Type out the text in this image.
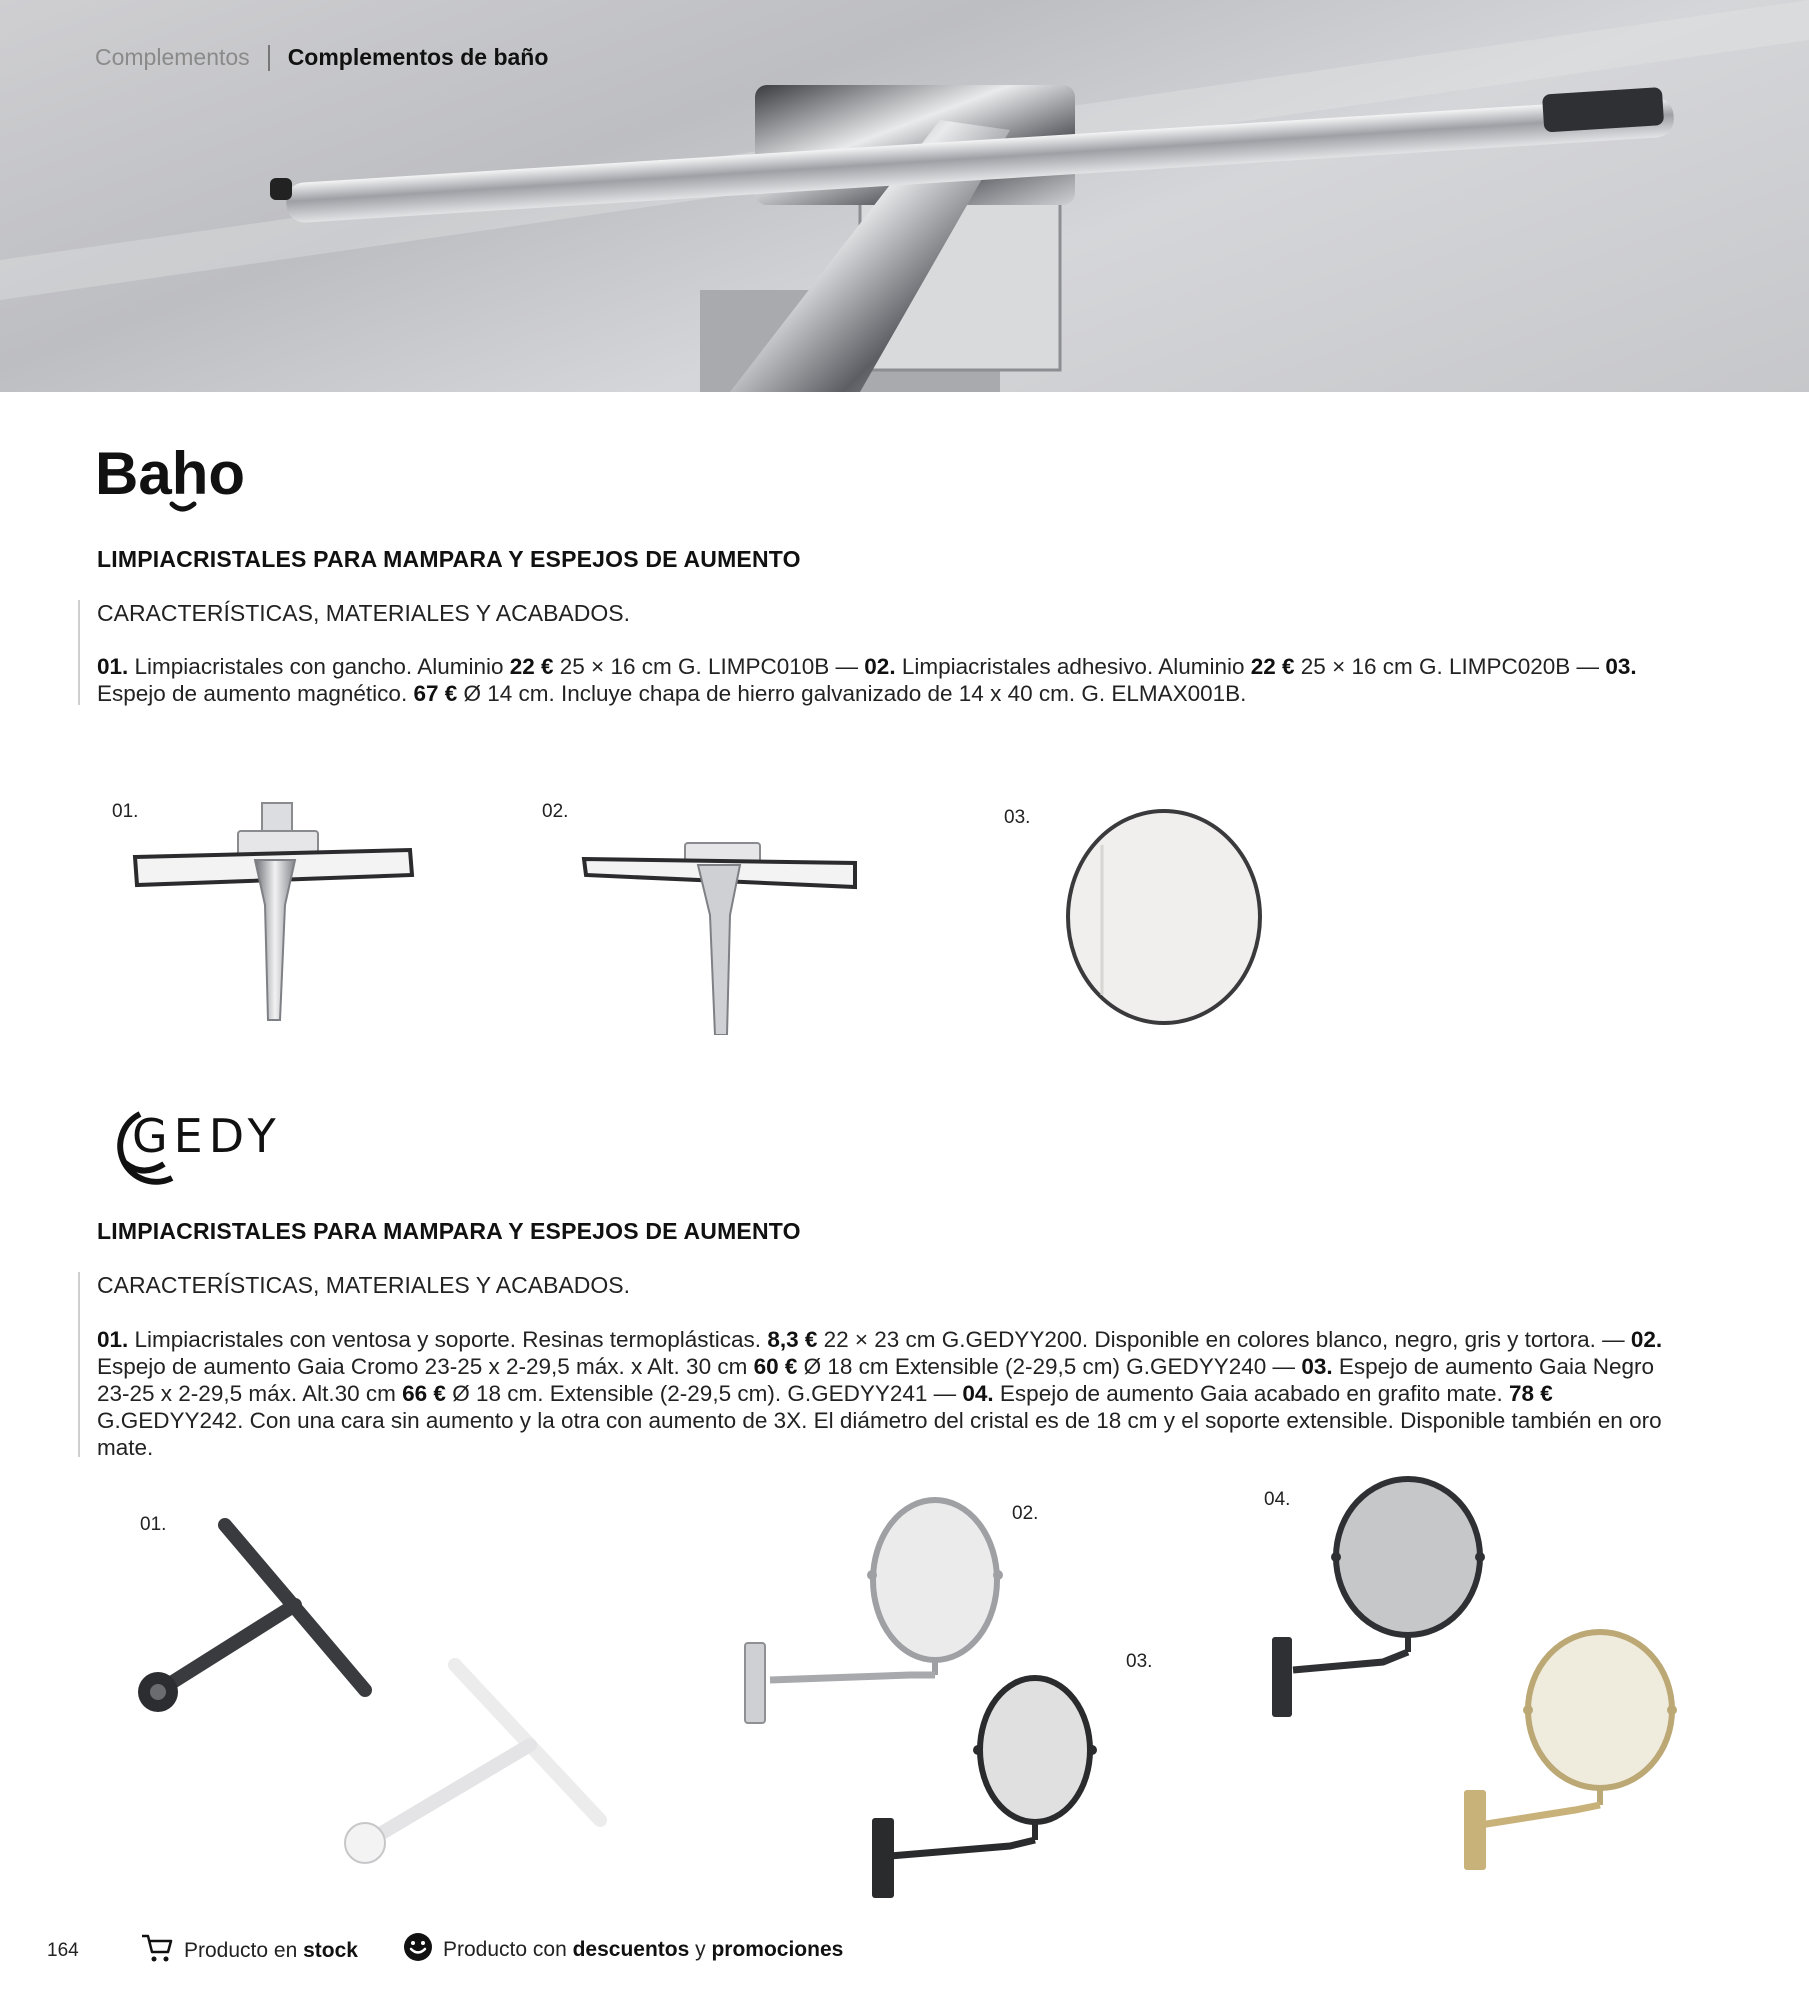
Complementos Complementos de baño
Baho
LIMPIACRISTALES PARA MAMPARA Y ESPEJOS DE AUMENTO
CARACTERÍSTICAS, MATERIALES Y ACABADOS.
01. Limpiacristales con gancho. Aluminio 22 € 25 × 16 cm G. LIMPC010B — 02. Limpiacristales adhesivo. Aluminio 22 € 25 × 16 cm G. LIMPC020B — 03. Espejo de aumento magnético. 67 € Ø 14 cm. Incluye chapa de hierro galvanizado de 14 x 40 cm. G. ELMAX001B.
01.	02.	03.
GEDY
LIMPIACRISTALES PARA MAMPARA Y ESPEJOS DE AUMENTO
CARACTERÍSTICAS, MATERIALES Y ACABADOS.
01. Limpiacristales con ventosa y soporte. Resinas termoplásticas. 8,3 € 22 × 23 cm G.GEDYY200. Disponible en colores blanco, negro, gris y tortora. — 02. Espejo de aumento Gaia Cromo 23-25 x 2-29,5 máx. x Alt. 30 cm 60 € Ø 18 cm Extensible (2-29,5 cm) G.GEDYY240 — 03. Espejo de aumento Gaia Negro 23-25 x 2-29,5 máx. Alt.30 cm 66 € Ø 18 cm. Extensible (2-29,5 cm). G.GEDYY241 — 04. Espejo de aumento Gaia acabado en grafito mate. 78 € G.GEDYY242. Con una cara sin aumento y la otra con aumento de 3X. El diámetro del cristal es de 18 cm y el soporte extensible. Disponible también en oro mate.
01.
02.
03.
04.
164	Producto en stock	Producto con descuentos y promociones
